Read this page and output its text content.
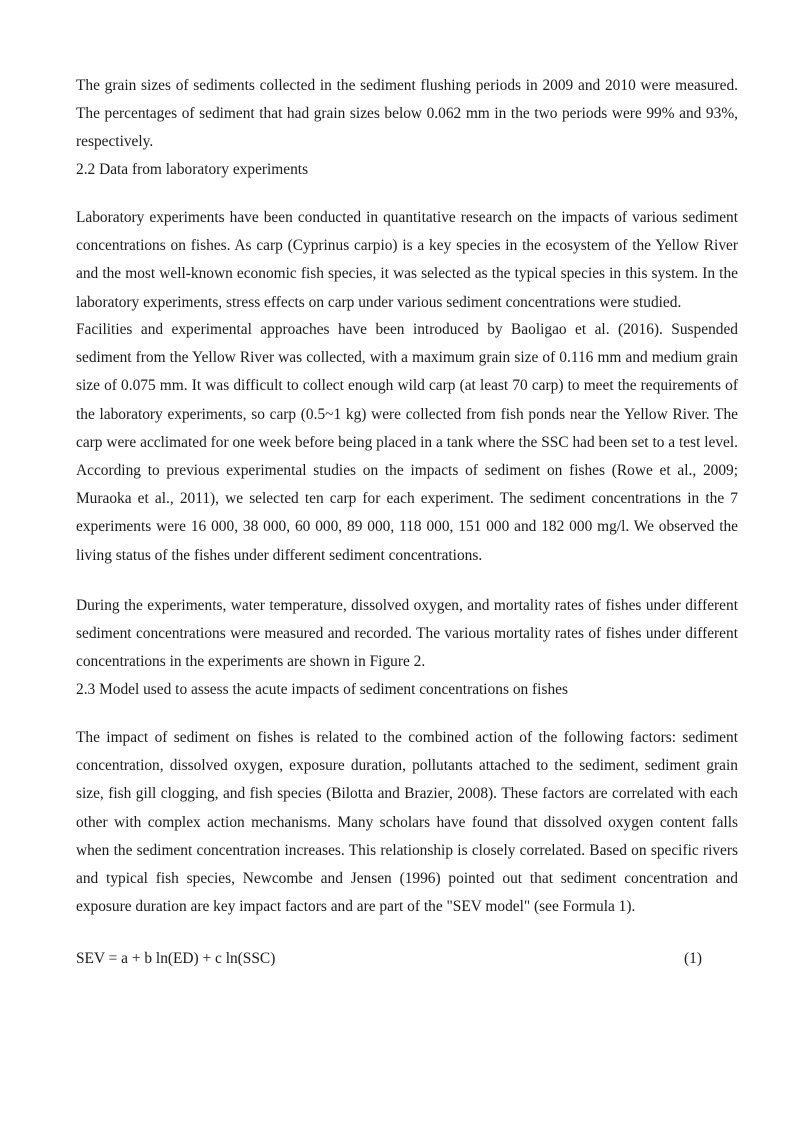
The grain sizes of sediments collected in the sediment flushing periods in 2009 and 2010 were measured. The percentages of sediment that had grain sizes below 0.062 mm in the two periods were 99% and 93%, respectively.

2.2 Data from laboratory experiments

Laboratory experiments have been conducted in quantitative research on the impacts of various sediment concentrations on fishes. As carp (Cyprinus carpio) is a key species in the ecosystem of the Yellow River and the most well-known economic fish species, it was selected as the typical species in this system. In the laboratory experiments, stress effects on carp under various sediment concentrations were studied.

Facilities and experimental approaches have been introduced by Baoligao et al. (2016). Suspended sediment from the Yellow River was collected, with a maximum grain size of 0.116 mm and medium grain size of 0.075 mm. It was difficult to collect enough wild carp (at least 70 carp) to meet the requirements of the laboratory experiments, so carp (0.5~1 kg) were collected from fish ponds near the Yellow River. The carp were acclimated for one week before being placed in a tank where the SSC had been set to a test level. According to previous experimental studies on the impacts of sediment on fishes (Rowe et al., 2009; Muraoka et al., 2011), we selected ten carp for each experiment. The sediment concentrations in the 7 experiments were 16 000, 38 000, 60 000, 89 000, 118 000, 151 000 and 182 000 mg/l. We observed the living status of the fishes under different sediment concentrations.

During the experiments, water temperature, dissolved oxygen, and mortality rates of fishes under different sediment concentrations were measured and recorded. The various mortality rates of fishes under different concentrations in the experiments are shown in Figure 2.

2.3 Model used to assess the acute impacts of sediment concentrations on fishes

The impact of sediment on fishes is related to the combined action of the following factors: sediment concentration, dissolved oxygen, exposure duration, pollutants attached to the sediment, sediment grain size, fish gill clogging, and fish species (Bilotta and Brazier, 2008). These factors are correlated with each other with complex action mechanisms. Many scholars have found that dissolved oxygen content falls when the sediment concentration increases. This relationship is closely correlated. Based on specific rivers and typical fish species, Newcombe and Jensen (1996) pointed out that sediment concentration and exposure duration are key impact factors and are part of the "SEV model" (see Formula 1).

SEV = a + b ln(ED) + c ln(SSC)	(1)
